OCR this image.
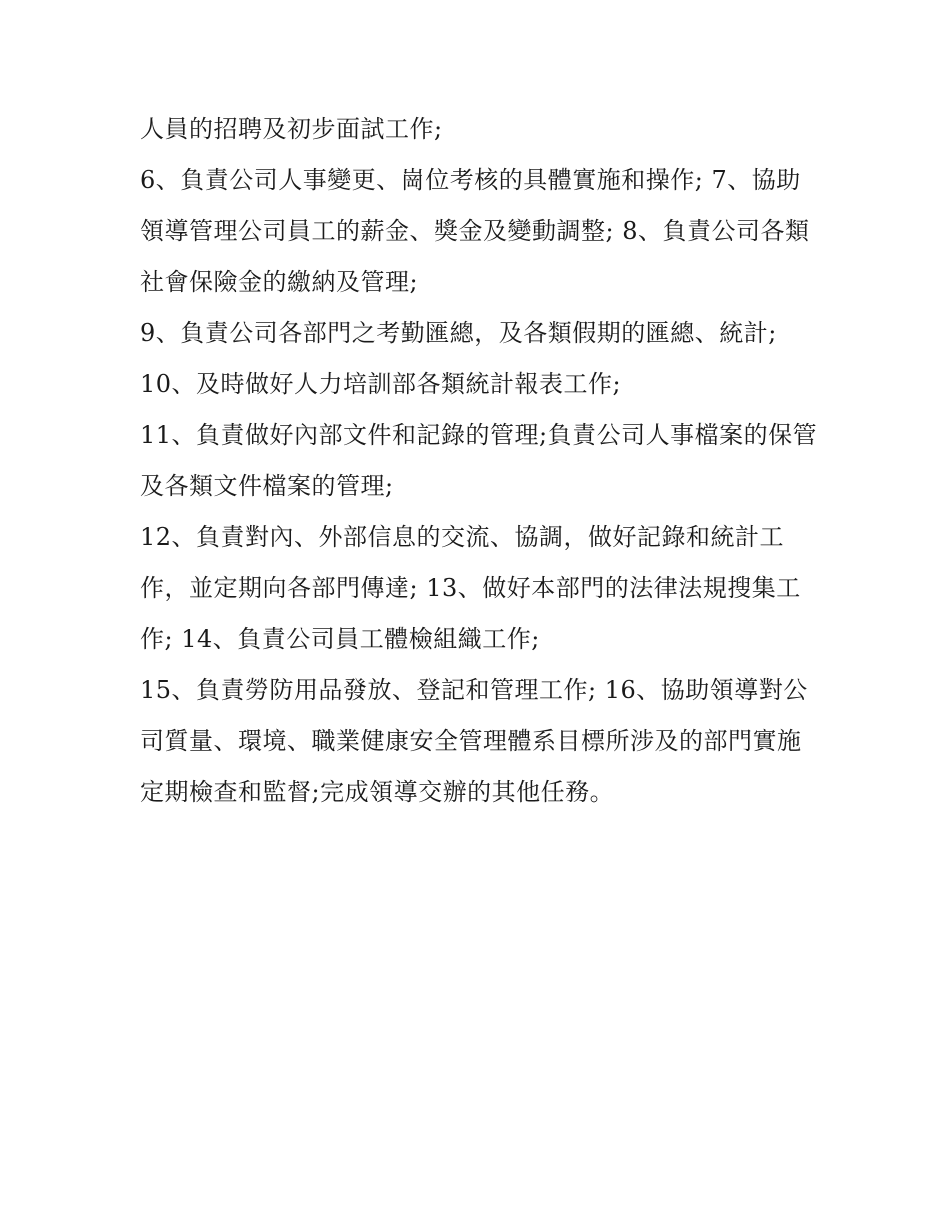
人員的招聘及初步面試工作;
6、負責公司人事變更、崗位考核的具體實施和操作; 7、協助
領導管理公司員工的薪金、獎金及變動調整; 8、負責公司各類
社會保險金的繳納及管理;
9、負責公司各部門之考勤匯總，及各類假期的匯總、統計;
10、及時做好人力培訓部各類統計報表工作;
11、負責做好內部文件和記錄的管理;負責公司人事檔案的保管
及各類文件檔案的管理;
12、負責對內、外部信息的交流、協調，做好記錄和統計工
作，並定期向各部門傳達; 13、做好本部門的法律法規搜集工
作; 14、負責公司員工體檢組織工作;
15、負責勞防用品發放、登記和管理工作; 16、協助領導對公
司質量、環境、職業健康安全管理體系目標所涉及的部門實施
定期檢查和監督;完成領導交辦的其他任務。
